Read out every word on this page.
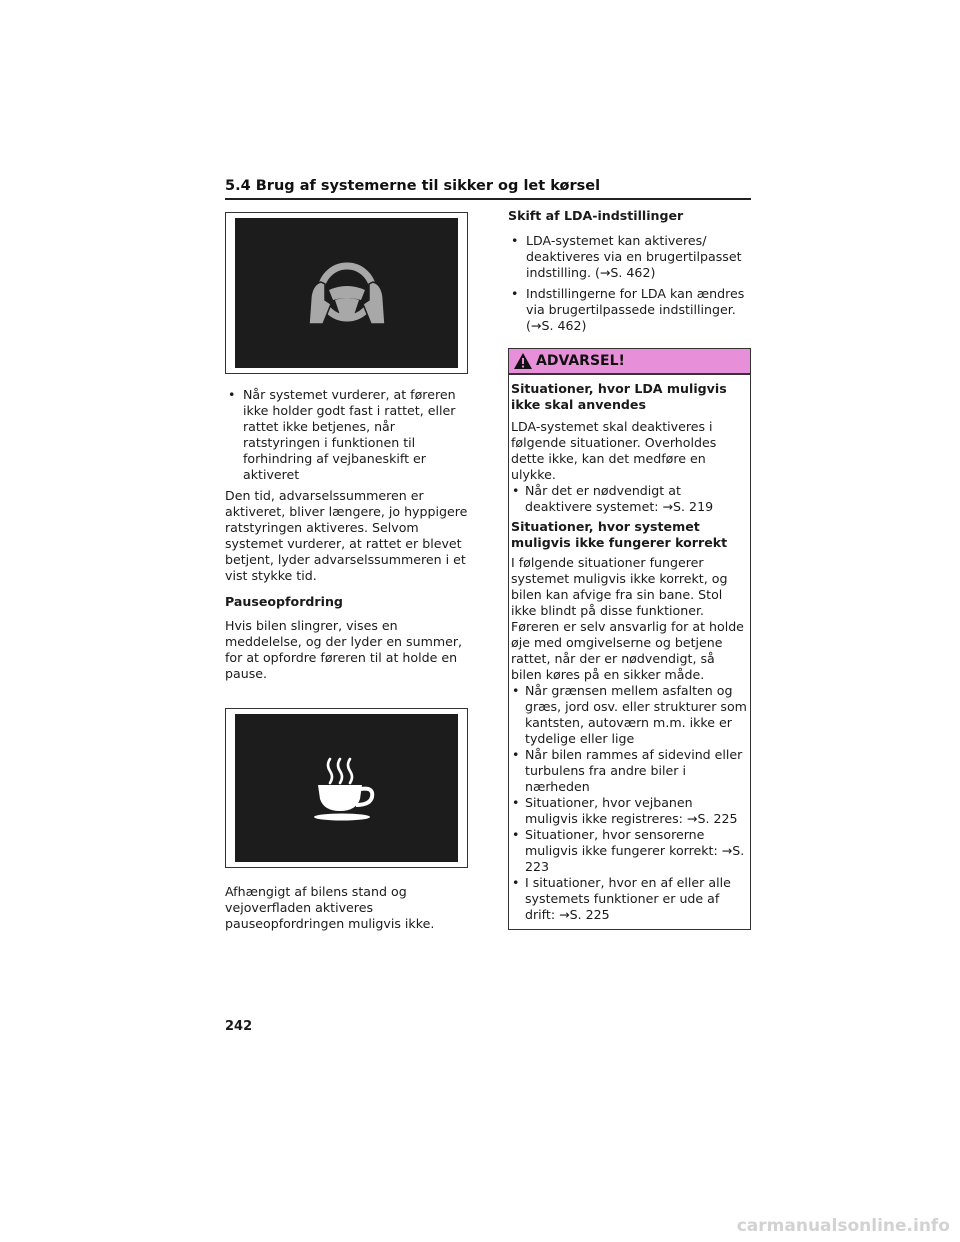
5.4 Brug af systemerne til sikker og let kørsel
• Når systemet vurderer, at føreren ikke holder godt fast i rattet, eller rattet ikke betjenes, når ratstyringen i funktionen til forhindring af vejbaneskift er aktiveret

Den tid, advarselssummeren er aktiveret, bliver længere, jo hyppigere ratstyringen aktiveres. Selvom systemet vurderer, at rattet er blevet betjent, lyder advarselssummeren i et vist stykke tid.

Pauseopfordring

Hvis bilen slingrer, vises en meddelelse, og der lyder en summer, for at opfordre føreren til at holde en pause.

Afhængigt af bilens stand og vejoverfladen aktiveres pauseopfordringen muligvis ikke.

Skift af LDA-indstillinger
• LDA-systemet kan aktiveres/ deaktiveres via en brugertilpasset indstilling. (→S. 462)
• Indstillingerne for LDA kan ændres via brugertilpassede indstillinger. (→S. 462)
ADVARSEL!
Situationer, hvor LDA muligvis ikke skal anvendes

LDA-systemet skal deaktiveres i følgende situationer. Overholdes dette ikke, kan det medføre en ulykke.

• Når det er nødvendigt at deaktivere systemet: →S. 219
Situationer, hvor systemet muligvis ikke fungerer korrekt

I følgende situationer fungerer systemet muligvis ikke korrekt, og bilen kan afvige fra sin bane. Stol ikke blindt på disse funktioner. Føreren er selv ansvarlig for at holde øje med omgivelserne og betjene rattet, når der er nødvendigt, så bilen køres på en sikker måde.

• Når grænsen mellem asfalten og græs, jord osv. eller strukturer som kantsten, autoværn m.m. ikke er tydelige eller lige
• Når bilen rammes af sidevind eller turbulens fra andre biler i nærheden
• Situationer, hvor vejbanen muligvis ikke registreres: →S. 225
• Situationer, hvor sensorerne muligvis ikke fungerer korrekt: →S. 223
• I situationer, hvor en af eller alle systemets funktioner er ude af drift: →S. 225
242
carmanualsonline.info
